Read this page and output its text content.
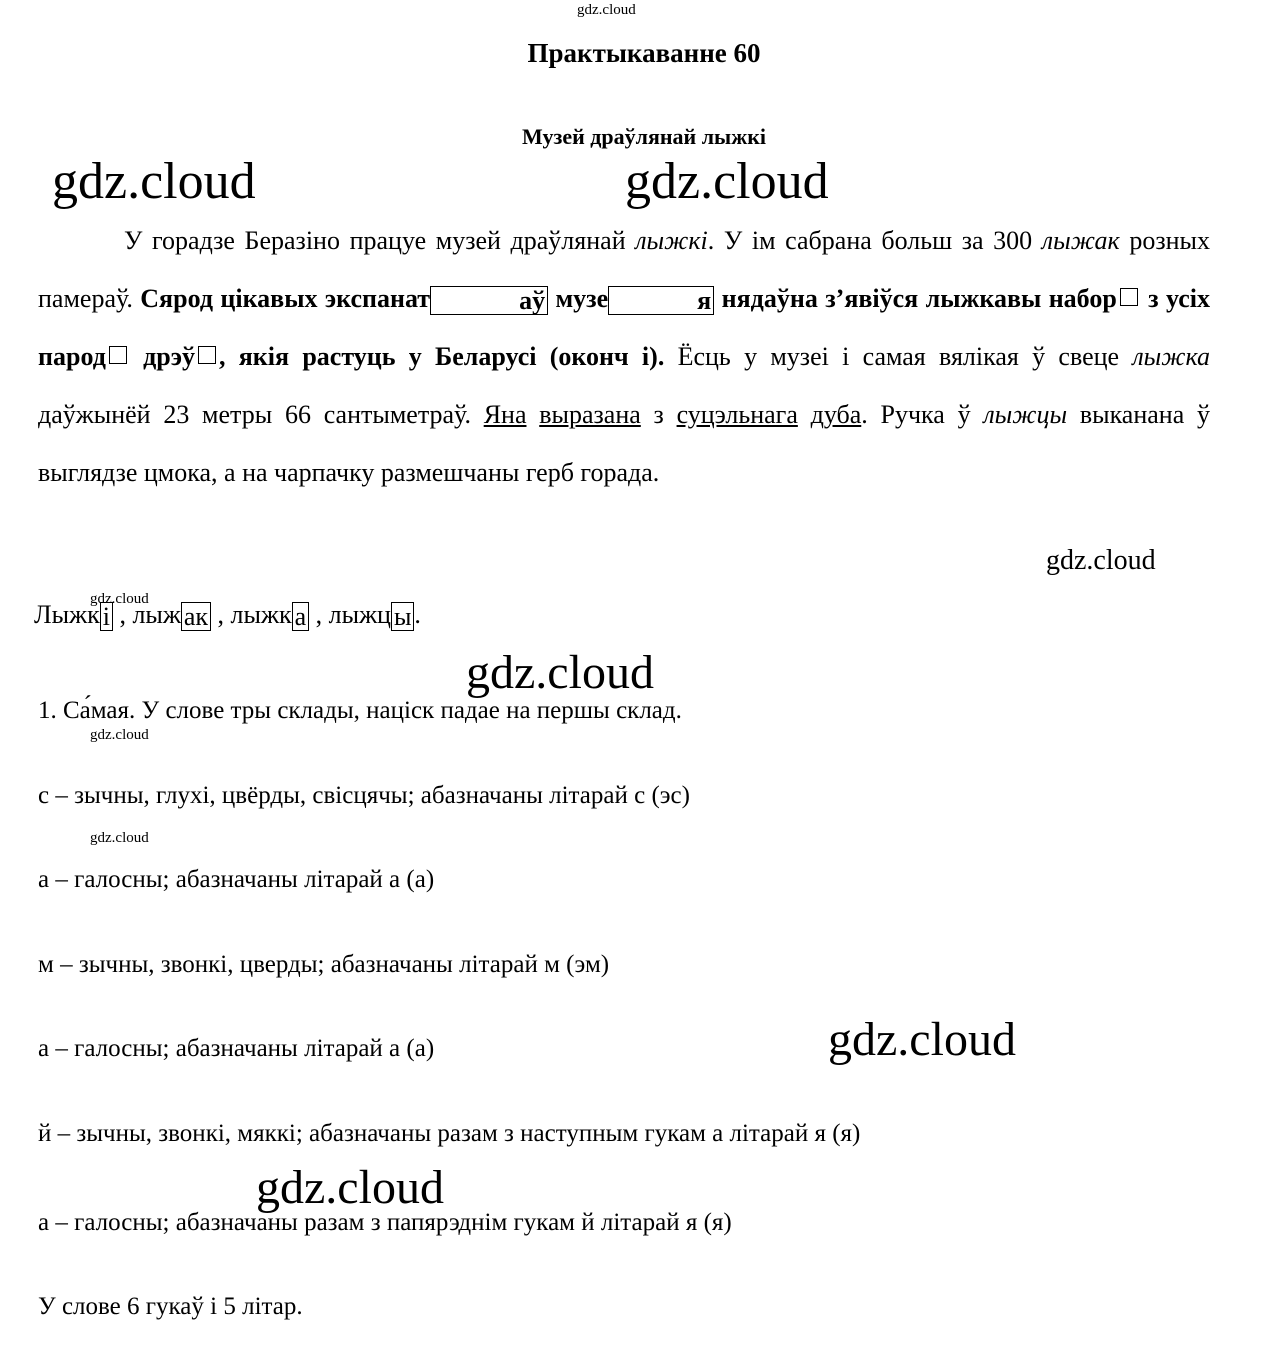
gdz.cloud
gdz.cloud	gdz.cloud
gdz.cloud
gdz.cloud
gdz.cloud
gdz.cloud
gdz.cloud
gdz.cloud
gdz.cloud
Практыкаванне 60
Музей драўлянай лыжкі
У горадзе Беразіно працуе музей драўлянай лыжкі. У ім сабрана больш за 300 лыжак розных памераў. Сярод цікавых экспанат	аў музе	я нядаўна з’явіўся лыжкавы набор з усіх парод дрэў , якія растуць у Беларусі (оконч і). Ёсць у музеі і самая вялікая ў свеце лыжка даўжынёй 23 метры 66 сантыметраў. Яна выразана з суцэльнага дуба. Ручка ў лыжцы выканана ў выглядзе цмока, а на чарпачку размешчаны герб горада.
Лыжк і , лыж ак , лыжк а , лыжц ы .
1. Са́мая. У слове тры склады, націск падае на першы склад.
с – зычны, глухі, цвёрды, свісцячы; абазначаны літарай с (эс)
а – галосны; абазначаны літарай а (а)
м – зычны, звонкі, цверды; абазначаны літарай м (эм)
а – галосны; абазначаны літарай а (а)
й – зычны, звонкі, мяккі; абазначаны разам з наступным гукам а літарай я (я)
а – галосны; абазначаны разам з папярэднім гукам й літарай я (я)
У слове 6 гукаў і 5 літар.
